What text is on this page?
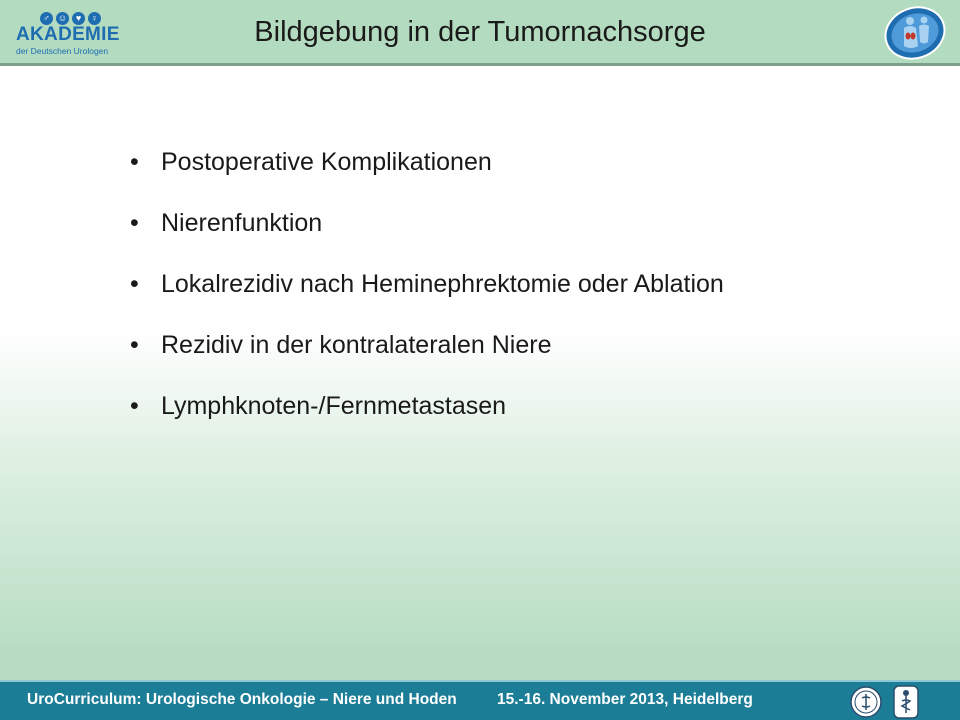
♂ ☺ ♥ ♀
AKADEMIE
der Deutschen Urologen
Bildgebung in der Tumornachsorge
• Postoperative Komplikationen
• Nierenfunktion
• Lokalrezidiv nach Heminephrektomie oder Ablation
• Rezidiv in der kontralateralen Niere
• Lymphknoten-/Fernmetastasen
UroCurriculum: Urologische Onkologie – Niere und Hoden	15.-16. November 2013, Heidelberg
